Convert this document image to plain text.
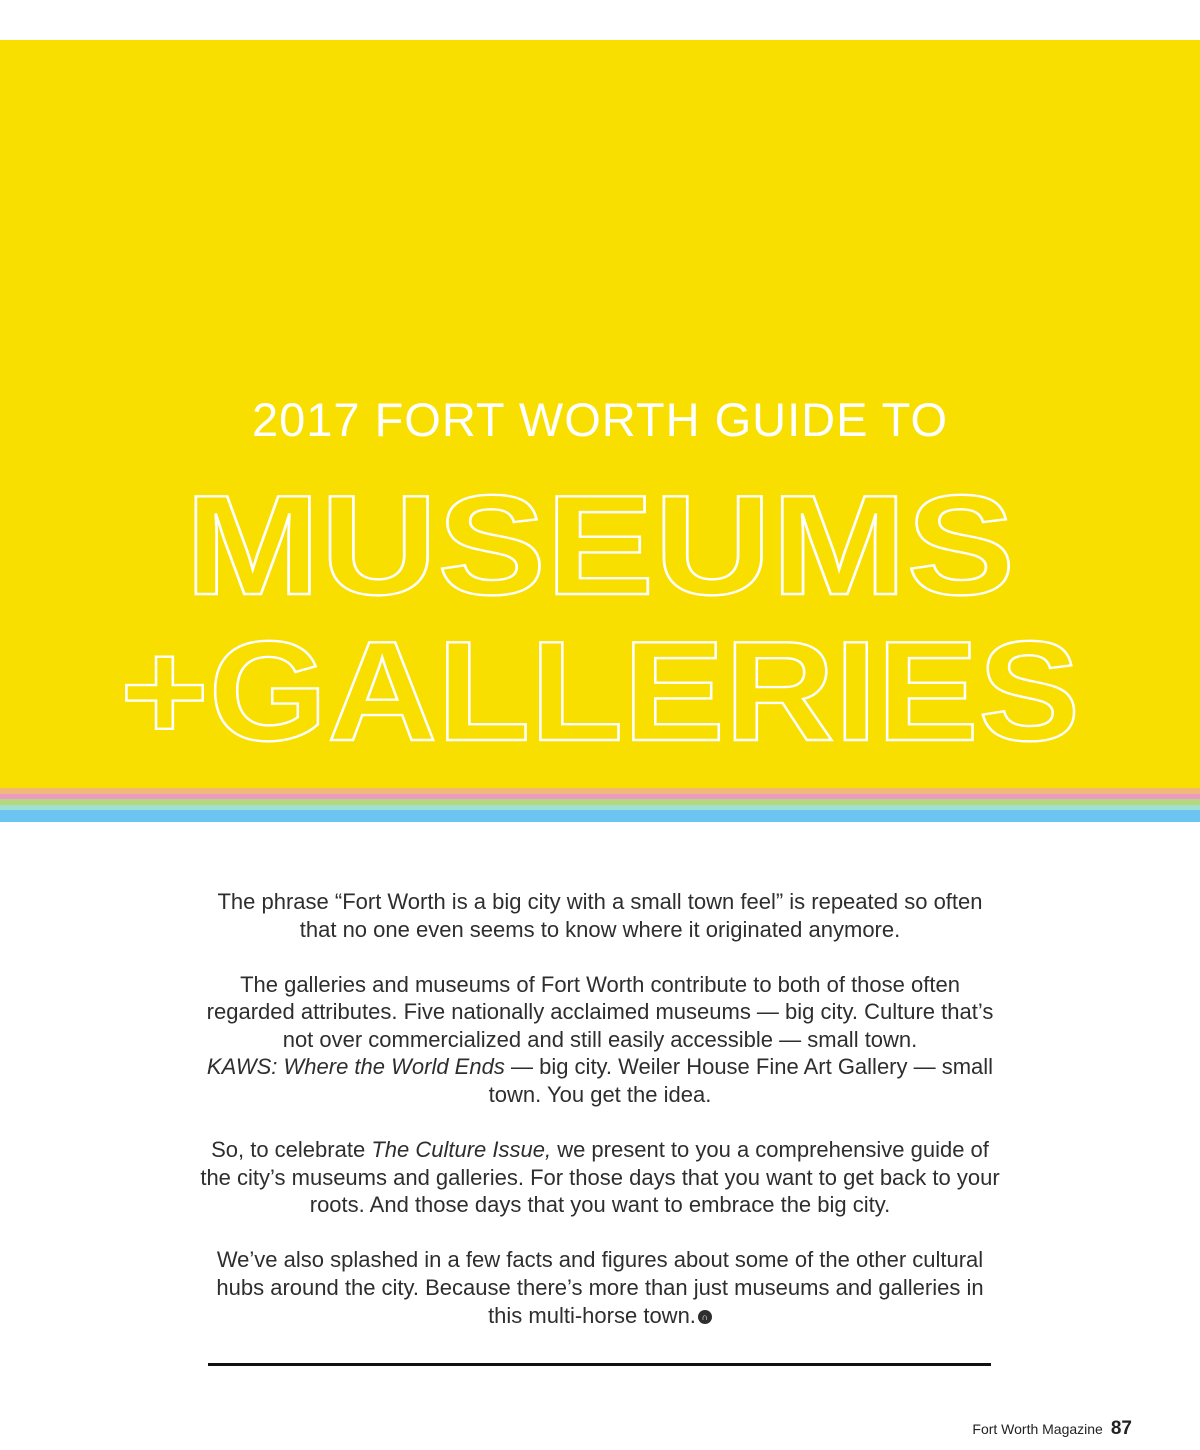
2017 FORT WORTH GUIDE TO
MUSEUMS
+GALLERIES

The phrase “Fort Worth is a big city with a small town feel” is repeated so often that no one even seems to know where it originated anymore.

The galleries and museums of Fort Worth contribute to both of those often regarded attributes. Five nationally acclaimed museums — big city. Culture that’s not over commercialized and still easily accessible — small town.
KAWS: Where the World Ends — big city. Weiler House Fine Art Gallery — small town. You get the idea.

So, to celebrate The Culture Issue, we present to you a comprehensive guide of the city’s museums and galleries. For those days that you want to get back to your roots. And those days that you want to embrace the big city.

We’ve also splashed in a few facts and figures about some of the other cultural hubs around the city. Because there’s more than just museums and galleries in this multi-horse town. ∩

Fort Worth Magazine 87
